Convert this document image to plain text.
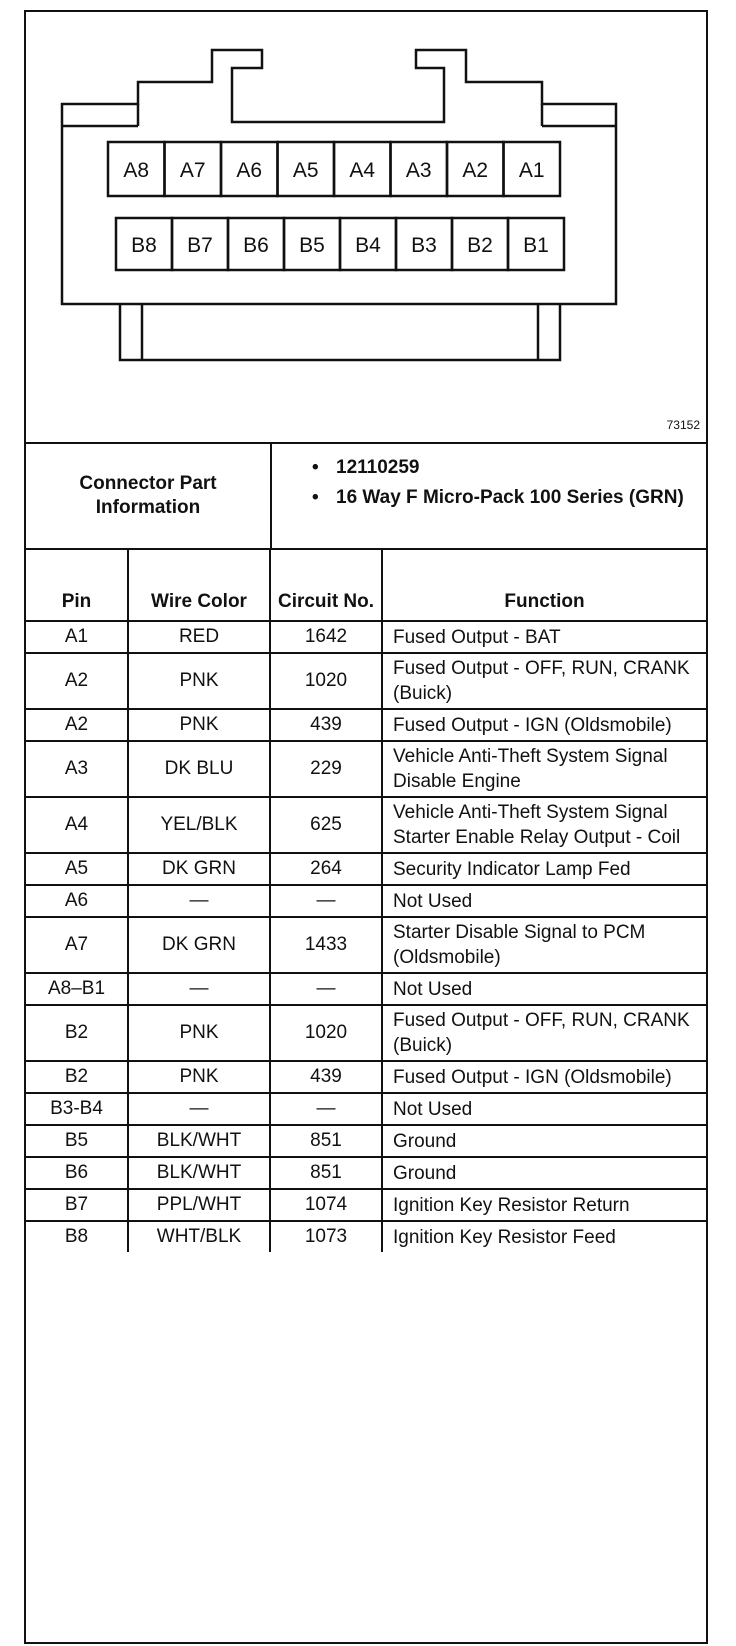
A8 A7 A6 A5 A4 A3 A2 A1
B8 B7 B6 B5 B4 B3 B2 B1
73152
Connector Part
Information
• 12110259
• 16 Way F Micro-Pack 100 Series (GRN)
Pin	Wire Color	Circuit No.	Function
A1	RED	1642	Fused Output - BAT
A2	PNK	1020	Fused Output - OFF, RUN, CRANK (Buick)
A2	PNK	439	Fused Output - IGN (Oldsmobile)
A3	DK BLU	229	Vehicle Anti-Theft System Signal Disable Engine
A4	YEL/BLK	625	Vehicle Anti-Theft System Signal Starter Enable Relay Output - Coil
A5	DK GRN	264	Security Indicator Lamp Fed
A6	—	—	Not Used
A7	DK GRN	1433	Starter Disable Signal to PCM (Oldsmobile)
A8–B1	—	—	Not Used
B2	PNK	1020	Fused Output - OFF, RUN, CRANK (Buick)
B2	PNK	439	Fused Output - IGN (Oldsmobile)
B3-B4	—	—	Not Used
B5	BLK/WHT	851	Ground
B6	BLK/WHT	851	Ground
B7	PPL/WHT	1074	Ignition Key Resistor Return
B8	WHT/BLK	1073	Ignition Key Resistor Feed
